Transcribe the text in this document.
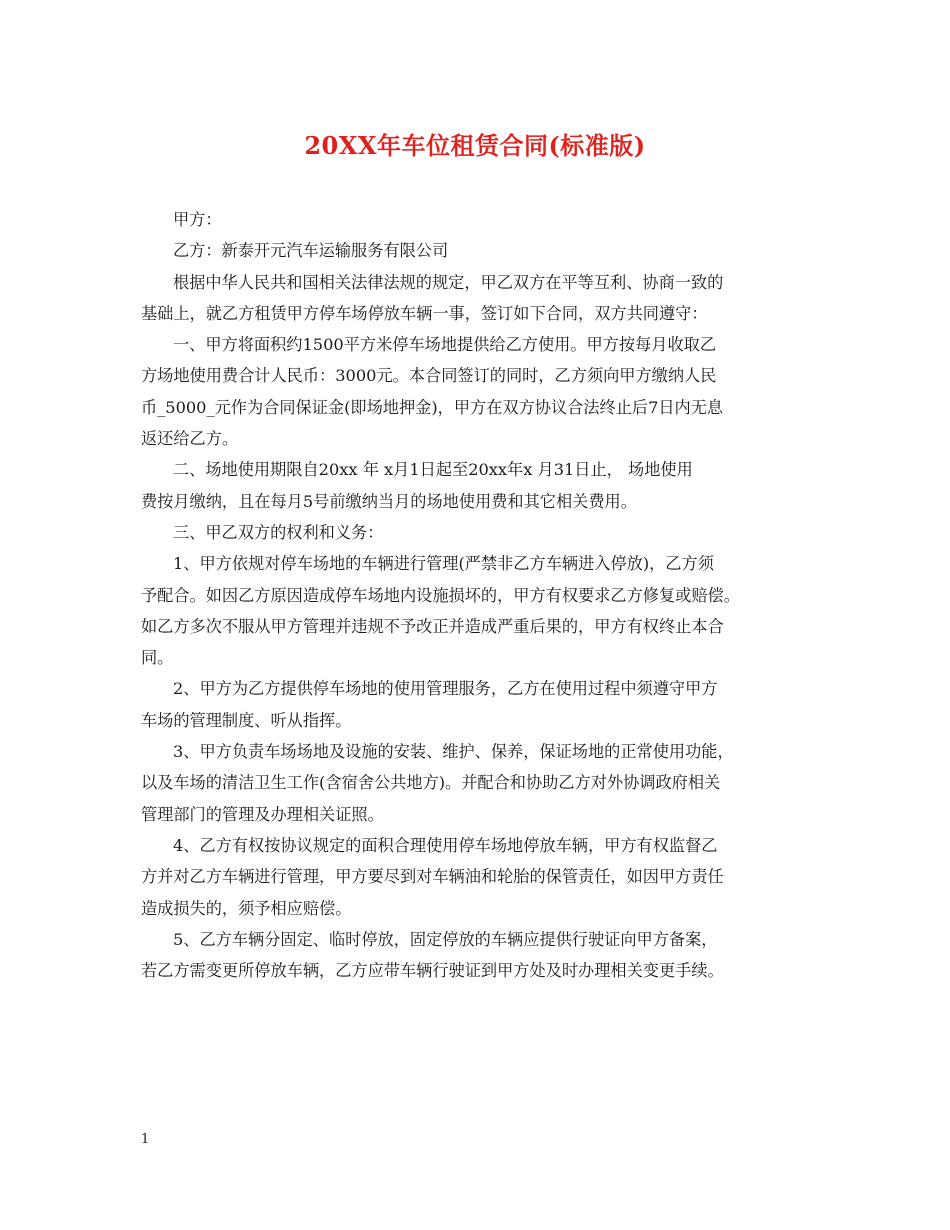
20XX年车位租赁合同(标准版)

甲方：

乙方：新泰开元汽车运输服务有限公司

根据中华人民共和国相关法律法规的规定，甲乙双方在平等互利、协商一致的

基础上，就乙方租赁甲方停车场停放车辆一事，签订如下合同，双方共同遵守：

一、甲方将面积约1500平方米停车场地提供给乙方使用。甲方按每月收取乙

方场地使用费合计人民币：3000元。本合同签订的同时，乙方须向甲方缴纳人民

币_5000_元作为合同保证金(即场地押金)，甲方在双方协议合法终止后7日内无息

返还给乙方。

二、场地使用期限自20xx 年 x月1日起至20xx年x 月31日止， 场地使用

费按月缴纳，且在每月5号前缴纳当月的场地使用费和其它相关费用。

三、甲乙双方的权利和义务：

1、甲方依规对停车场地的车辆进行管理(严禁非乙方车辆进入停放)，乙方须

予配合。如因乙方原因造成停车场地内设施损坏的，甲方有权要求乙方修复或赔偿。

如乙方多次不服从甲方管理并违规不予改正并造成严重后果的，甲方有权终止本合

同。

2、甲方为乙方提供停车场地的使用管理服务，乙方在使用过程中须遵守甲方

车场的管理制度、听从指挥。

3、甲方负责车场场地及设施的安装、维护、保养，保证场地的正常使用功能，

以及车场的清洁卫生工作(含宿舍公共地方)。并配合和协助乙方对外协调政府相关

管理部门的管理及办理相关证照。

4、乙方有权按协议规定的面积合理使用停车场地停放车辆，甲方有权监督乙

方并对乙方车辆进行管理，甲方要尽到对车辆油和轮胎的保管责任，如因甲方责任

造成损失的，须予相应赔偿。

5、乙方车辆分固定、临时停放，固定停放的车辆应提供行驶证向甲方备案，

若乙方需变更所停放车辆，乙方应带车辆行驶证到甲方处及时办理相关变更手续。

1
